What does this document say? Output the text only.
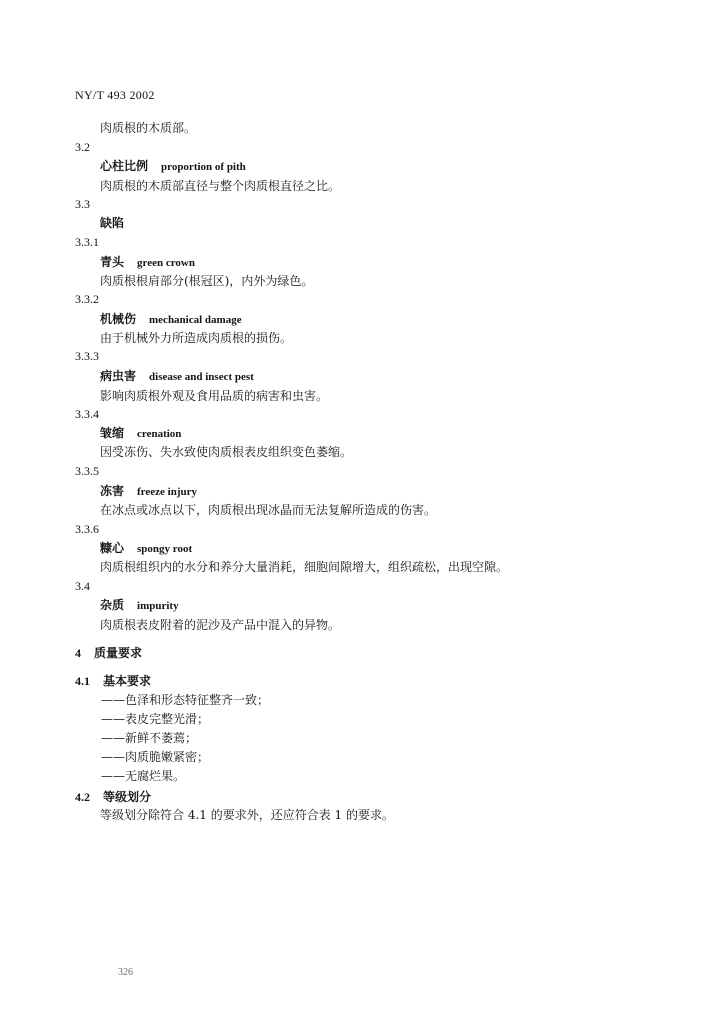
NY/T 493 2002
肉质根的木质部。
3.2
心柱比例 proportion of pith
肉质根的木质部直径与整个肉质根直径之比。
3.3
缺陷
3.3.1
青头 green crown
肉质根根肩部分(根冠区)，内外为绿色。
3.3.2
机械伤 mechanical damage
由于机械外力所造成肉质根的损伤。
3.3.3
病虫害 disease and insect pest
影响肉质根外观及食用品质的病害和虫害。
3.3.4
皱缩 crenation
因受冻伤、失水致使肉质根表皮组织变色萎缩。
3.3.5
冻害 freeze injury
在冰点或冰点以下，肉质根出现冰晶而无法复解所造成的伤害。
3.3.6
糠心 spongy root
肉质根组织内的水分和养分大量消耗，细胞间隙增大，组织疏松，出现空隙。
3.4
杂质 impurity
肉质根表皮附着的泥沙及产品中混入的异物。
4 质量要求
4.1 基本要求
——色泽和形态特征整齐一致；
——表皮完整光滑；
——新鲜不萎蔫；
——肉质脆嫩紧密；
——无腐烂果。
4.2 等级划分
等级划分除符合 4.1 的要求外，还应符合表 1 的要求。
326
